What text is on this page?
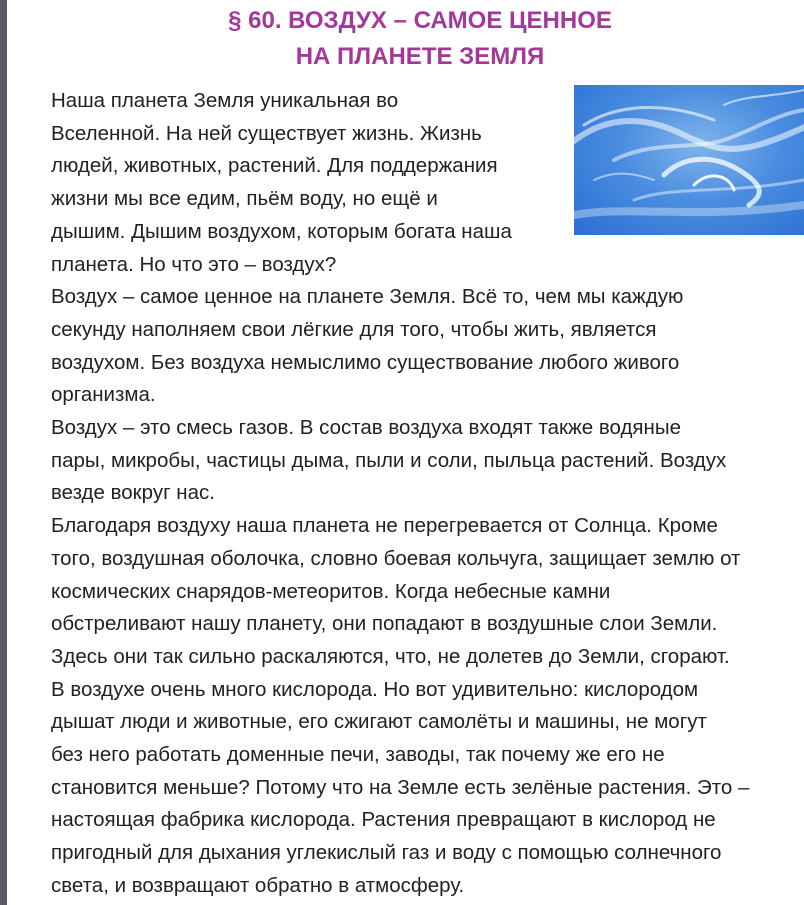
§ 60. ВОЗДУХ – САМОЕ ЦЕННОЕ
НА ПЛАНЕТЕ ЗЕМЛЯ

Наша планета Земля уникальная во
Вселенной. На ней существует жизнь. Жизнь
людей, животных, растений. Для поддержания
жизни мы все едим, пьём воду, но ещё и
дышим. Дышим воздухом, которым богата наша
планета. Но что это – воздух?

Воздух – самое ценное на планете Земля. Всё то, чем мы каждую
секунду наполняем свои лёгкие для того, чтобы жить, является
воздухом. Без воздуха немыслимо существование любого живого
организма.

Воздух – это смесь газов. В состав воздуха входят также водяные
пары, микробы, частицы дыма, пыли и соли, пыльца растений. Воздух
везде вокруг нас.

Благодаря воздуху наша планета не перегревается от Солнца. Кроме
того, воздушная оболочка, словно боевая кольчуга, защищает землю от
космических снарядов-метеоритов. Когда небесные камни
обстреливают нашу планету, они попадают в воздушные слои Земли.
Здесь они так сильно раскаляются, что, не долетев до Земли, сгорают.

В воздухе очень много кислорода. Но вот удивительно: кислородом
дышат люди и животные, его сжигают самолёты и машины, не могут
без него работать доменные печи, заводы, так почему же его не
становится меньше? Потому что на Земле есть зелёные растения. Это –
настоящая фабрика кислорода. Растения превращают в кислород не
пригодный для дыхания углекислый газ и воду с помощью солнечного
света, и возвращают обратно в атмосферу.
